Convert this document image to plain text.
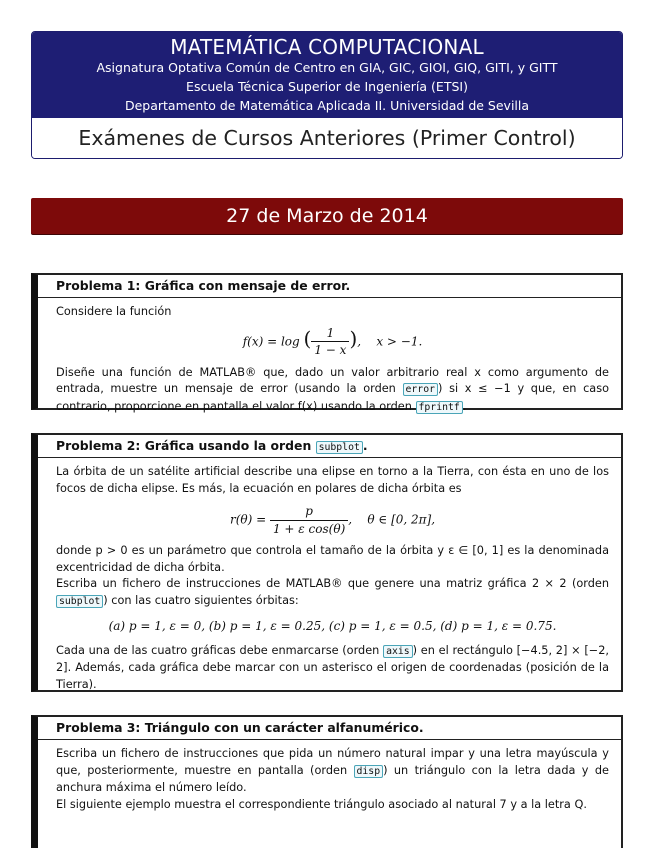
MATEMÁTICA COMPUTACIONAL
Asignatura Optativa Común de Centro en GIA, GIC, GIOI, GIQ, GITI, y GITT
Escuela Técnica Superior de Ingeniería (ETSI)
Departamento de Matemática Aplicada II. Universidad de Sevilla
Exámenes de Cursos Anteriores (Primer Control)
27 de Marzo de 2014
Problema 1: Gráfica con mensaje de error.
Considere la función
f(x) = log ( $\frac{1}{1 - x}$ ),    x > −1.
Diseñe una función de MATLAB® que, dado un valor arbitrario real x como argumento de entrada, muestre un mensaje de error (usando la orden error ) si x ≤ −1 y que, en caso contrario, proporcione en pantalla el valor f(x) usando la orden fprintf .
Problema 2: Gráfica usando la orden subplot .
La órbita de un satélite artificial describe una elipse en torno a la Tierra, con ésta en uno de los focos de dicha elipse. Es más, la ecuación en polares de dicha órbita es
$r(\theta) = \frac{p}{\text{1 + ε cos(θ)}}$ ,    θ ∈ [0, 2π],
donde p > 0 es un parámetro que controla el tamaño de la órbita y ε ∈ [0, 1] es la denominada excentricidad de dicha órbita.
Escriba un fichero de instrucciones de MATLAB® que genere una matriz gráfica 2 × 2 (orden subplot ) con las cuatro siguientes órbitas:
(a) p = 1, ε = 0, (b) p = 1, ε = 0.25, (c) p = 1, ε = 0.5, (d) p = 1, ε = 0.75.
Cada una de las cuatro gráficas debe enmarcarse (orden axis ) en el rectángulo [−4.5, 2] × [−2, 2]. Además, cada gráfica debe marcar con un asterisco el origen de coordenadas (posición de la Tierra).
Problema 3: Triángulo con un carácter alfanumérico.
Escriba un fichero de instrucciones que pida un número natural impar y una letra mayúscula y que, posteriormente, muestre en pantalla (orden disp ) un triángulo con la letra dada y de anchura máxima el número leído.
El siguiente ejemplo muestra el correspondiente triángulo asociado al natural 7 y a la letra Q.
